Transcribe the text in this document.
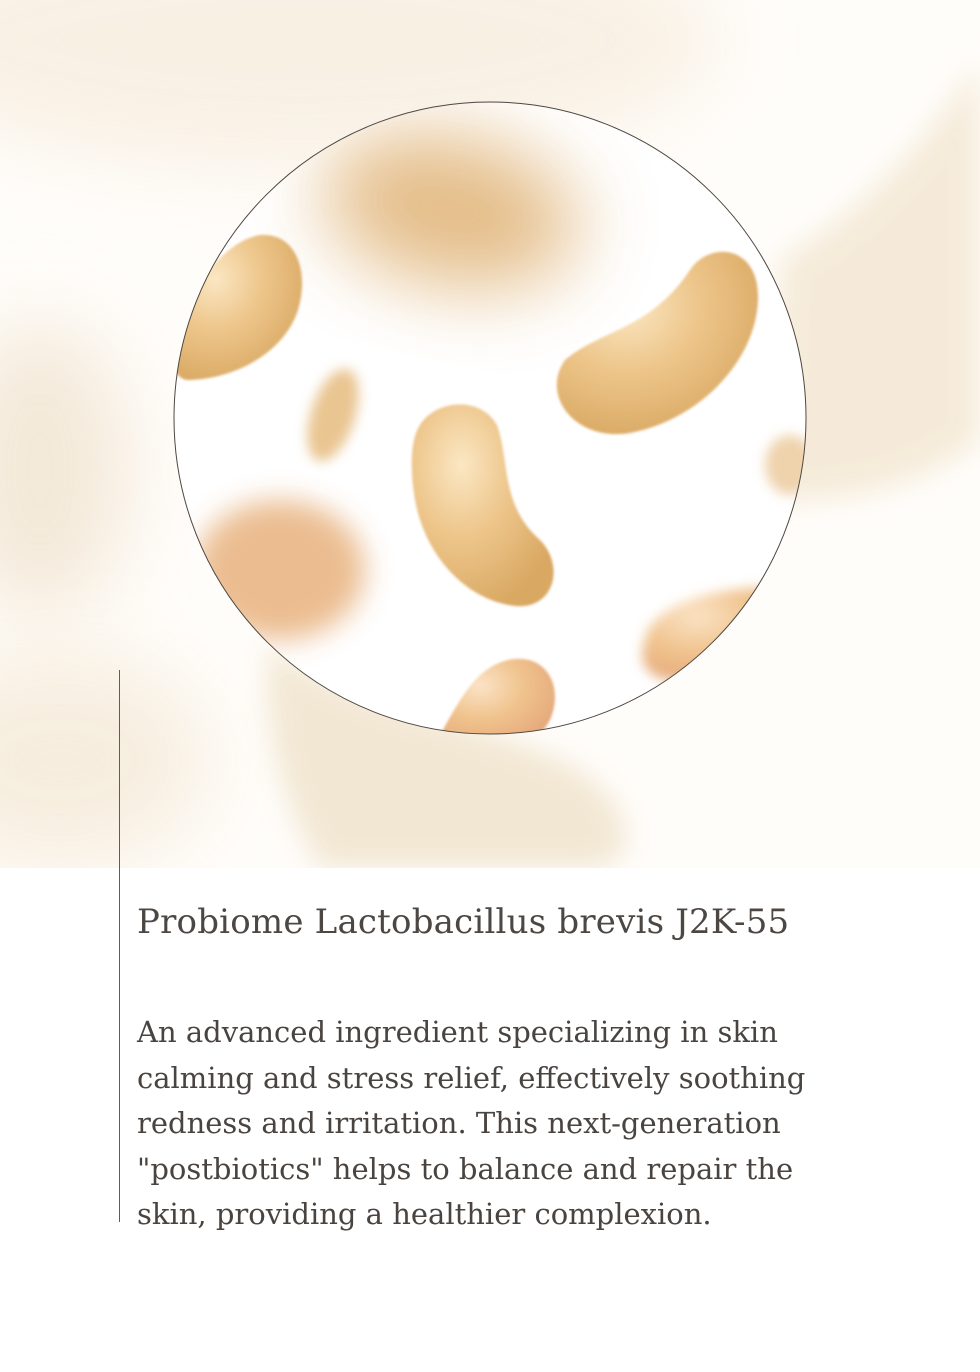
Probiome Lactobacillus brevis J2K-55

An advanced ingredient specializing in skin calming and stress relief, effectively soothing redness and irritation. This next-generation "postbiotics" helps to balance and repair the skin, providing a healthier complexion.
